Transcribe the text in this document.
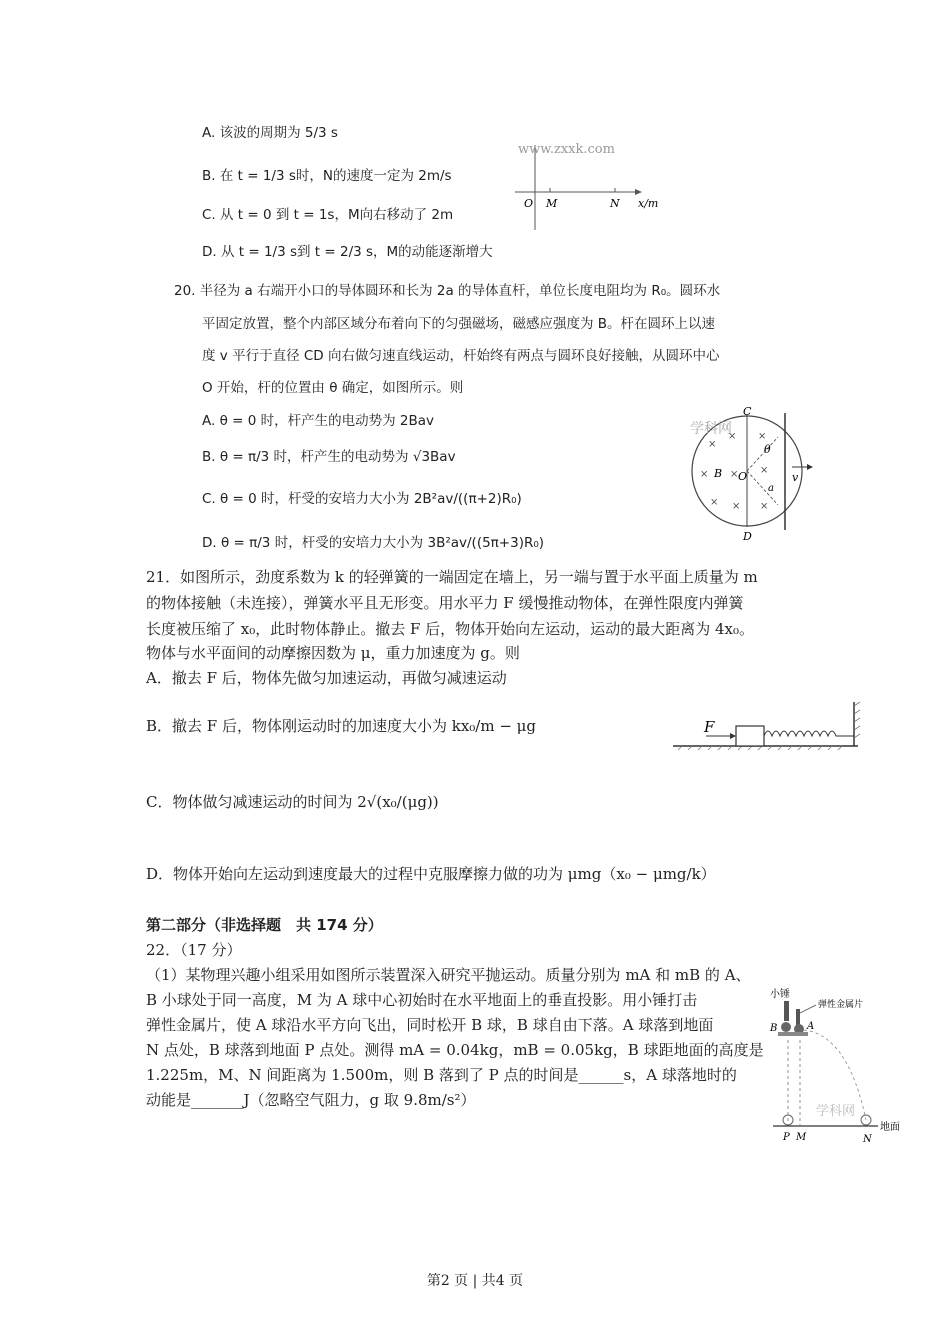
A. 该波的周期为 5/3 s
B. 在 t = 1/3 s时，N的速度一定为 2m/s
C. 从 t = 0 到 t = 1s，M向右移动了 2m
D. 从 t = 1/3 s到 t = 2/3 s，M的动能逐渐增大
www.zxxk.com
O M	N x/m
20. 半径为 a 右端开小口的导体圆环和长为 2a 的导体直杆，单位长度电阻均为 R₀。圆环水
平固定放置，整个内部区域分布着向下的匀强磁场，磁感应强度为 B。杆在圆环上以速
度 v 平行于直径 CD 向右做匀速直线运动，杆始终有两点与圆环良好接触，从圆环中心
O 开始，杆的位置由 θ 确定，如图所示。则
A. θ = 0 时，杆产生的电动势为 2Bav
B. θ = π/3 时，杆产生的电动势为 √3Bav
C. θ = 0 时，杆受的安培力大小为 2B²av/((π+2)R₀)
D. θ = π/3 时，杆受的安培力大小为 3B²av/((5π+3)R₀)
学科网
C
D
O
B
θ
a
v
×
× ×
× × ×
× × ×
21．如图所示，劲度系数为 k 的轻弹簧的一端固定在墙上，另一端与置于水平面上质量为 m
的物体接触（未连接），弹簧水平且无形变。用水平力 F 缓慢推动物体，在弹性限度内弹簧
长度被压缩了 x₀，此时物体静止。撤去 F 后，物体开始向左运动，运动的最大距离为 4x₀。
物体与水平面间的动摩擦因数为 μ，重力加速度为 g。则
A．撤去 F 后，物体先做匀加速运动，再做匀减速运动
B．撤去 F 后，物体刚运动时的加速度大小为 kx₀/m − μg
C．物体做匀减速运动的时间为 2√(x₀/(μg))
D．物体开始向左运动到速度最大的过程中克服摩擦力做的功为 μmg（x₀ − μmg/k）
F
第二部分（非选择题　共 174 分）
22．（17 分）
（1）某物理兴趣小组采用如图所示装置深入研究平抛运动。质量分别为 mA 和 mB 的 A、
B 小球处于同一高度，M 为 A 球中心初始时在水平地面上的垂直投影。用小锤打击
弹性金属片，使 A 球沿水平方向飞出，同时松开 B 球，B 球自由下落。A 球落到地面
N 点处，B 球落到地面 P 点处。测得 mA = 0.04kg，mB = 0.05kg，B 球距地面的高度是
1.225m，M、N 间距离为 1.500m，则 B 落到了 P 点的时间是______s，A 球落地时的
动能是_______J（忽略空气阻力，g 取 9.8m/s²）
小锤
弹性金属片
B	A
学科网
P M	N
地面
第2 页 | 共4 页
